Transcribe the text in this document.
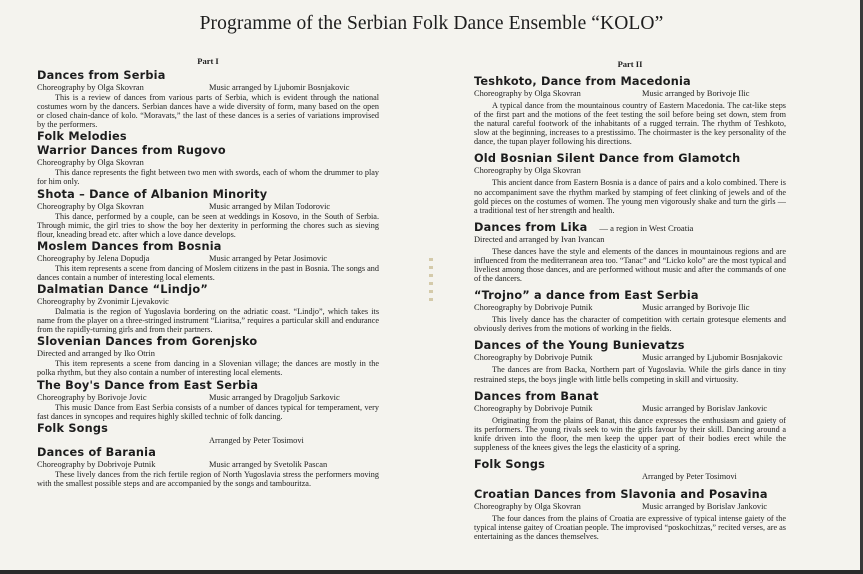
Programme of the Serbian Folk Dance Ensemble “KOLO”
Part I
Dances from Serbia
Choreography by Olga Skovran	Music arranged by Ljubomir Bosnjakovic

This is a review of dances from various parts of Serbia, which is evident through the national costumes worn by the dancers. Serbian dances have a wide diversity of form, many based on the open or closed chain-dance of kolo. “Moravats,” the last of these dances is a series of variations improvised by the performers.

Folk Melodies
Warrior Dances from Rugovo
Choreography by Olga Skovran

This dance represents the fight between two men with swords, each of whom the drummer to play for him only.

Shota – Dance of Albanion Minority
Choreography by Olga Skovran	Music arranged by Milan Todorovic

This dance, performed by a couple, can be seen at weddings in Kosovo, in the South of Serbia. Through mimic, the girl tries to show the boy her dexterity in performing the chores such as sieving flour, kneading bread etc. after which a love dance develops.

Moslem Dances from Bosnia
Choreography by Jelena Dopudja	Music arranged by Petar Josimovic

This item represents a scene from dancing of Moslem citizens in the past in Bosnia. The songs and dances contain a number of interesting local elements.

Dalmatian Dance “Lindjo”
Choreography by Zvonimir Ljevakovic

Dalmatia is the region of Yugoslavia bordering on the adriatic coast. “Lindjo”, which takes its name from the player on a three-stringed instrument “Liaritsa,” requires a particular skill and endurance from the rapidly-turning girls and from their partners.

Slovenian Dances from Gorenjsko
Directed and arranged by Iko Otrin

This item represents a scene from dancing in a Slovenian village; the dances are mostly in the polka rhythm, but they also contain a number of interesting local elements.

The Boy's Dance from East Serbia
Choreography by Borivoje Jovic	Music arranged by Dragoljub Sarkovic

This music Dance from East Serbia consists of a number of dances typical for temperament, very fast dances in syncopes and requires highly skilled technic of folk dancing.

Folk Songs
Arranged by Peter Tosimovi
Dances of Barania
Choreography by Dobrivoje Putnik	Music arranged by Svetolik Pascan

These lively dances from the rich fertile region of North Yugoslavia stress the performers moving with the smallest possible steps and are accompanied by the songs and tambouritza.

Part II
Teshkoto, Dance from Macedonia
Choreography by Olga Skovran	Music arranged by Borivoje Ilic

A typical dance from the mountainous country of Eastern Macedonia. The cat-like steps of the first part and the motions of the feet testing the soil before being set down, stem from the natural careful footwork of the inhabitants of a rugged terrain. The rhythm of Teshkoto, slow at the beginning, increases to a prestissimo. The choirmaster is the key personality of the dance, the tupan player following his directions.

Old Bosnian Silent Dance from Glamotch
Choreography by Olga Skovran

This ancient dance from Eastern Bosnia is a dance of pairs and a kolo combined. There is no accompaniment save the rhythm marked by stamping of feet clinking of jewels and of the gold pieces on the costumes of women. The young men vigorously shake and turn the girls — a traditional test of her strength and health.

Dances from Lika — a region in West Croatia
Directed and arranged by Ivan Ivancan

These dances have the style and elements of the dances in mountainous regions and are influenced from the mediterranean area too. “Tanac” and “Licko kolo” are the most typical and liveliest among those dances, and are performed without music and after the commands of one of the dancers.

“Trojno” a dance from East Serbia
Choreography by Dobrivoje Putnik	Music arranged by Borivoje Ilic

This lively dance has the character of competition with certain grotesque elements and obviously derives from the motions of working in the fields.

Dances of the Young Bunievatzs
Choreography by Dobrivoje Putnik	Music arranged by Ljubomir Bosnjakovic

The dances are from Backa, Northern part of Yugoslavia. While the girls dance in tiny restrained steps, the boys jingle with little bells competing in skill and virtuosity.

Dances from Banat
Choreography by Dobrivoje Putnik	Music arranged by Borislav Jankovic

Originating from the plains of Banat, this dance expresses the enthusiasm and gaiety of its performers. The young rivals seek to win the girls favour by their skill. Dancing around a knife driven into the floor, the men keep the upper part of their bodies erect while the suppleness of the knees gives the legs the elasticity of a spring.

Folk Songs
Arranged by Peter Tosimovi
Croatian Dances from Slavonia and Posavina
Choreography by Olga Skovran	Music arranged by Borislav Jankovic

The four dances from the plains of Croatia are expressive of typical intense gaiety of the typical intense gaitey of Croatian people. The improvised “poskochitzas,” recited verses, are as entertaining as the dances themselves.
